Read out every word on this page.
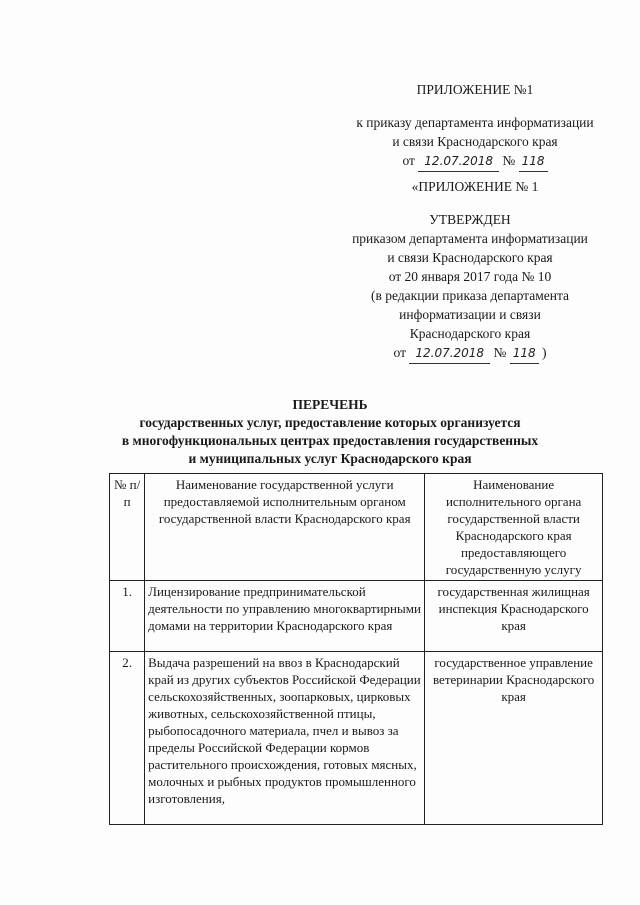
ПРИЛОЖЕНИЕ №1
к приказу департамента информатизации
и связи Краснодарского края
от 12.07.2018 № 118
«ПРИЛОЖЕНИЕ № 1
УТВЕРЖДЕН
приказом департамента информатизации
и связи Краснодарского края
от 20 января 2017 года № 10
(в редакции приказа департамента
информатизации и связи
Краснодарского края
от 12.07.2018 № 118 )
ПЕРЕЧЕНЬ
государственных услуг, предоставление которых организуется
в многофункциональных центрах предоставления государственных
и муниципальных услуг Краснодарского края
№ п/п	Наименование государственной услуги предоставляемой исполнительным органом государственной власти Краснодарского края	Наименование исполнительного органа государственной власти Краснодарского края предоставляющего государственную услугу
1.	Лицензирование предпринимательской деятельности по управлению многоквартирными домами на территории Краснодарского края	государственная жилищная инспекция Краснодарского края
2.	Выдача разрешений на ввоз в Краснодарский край из других субъектов Российской Федерации сельскохозяйственных, зоопарковых, цирковых животных, сельскохозяйственной птицы, рыбопосадочного материала, пчел и вывоз за пределы Российской Федерации кормов растительного происхождения, готовых мясных, молочных и рыбных продуктов промышленного изготовления,	государственное управление ветеринарии Краснодарского края
